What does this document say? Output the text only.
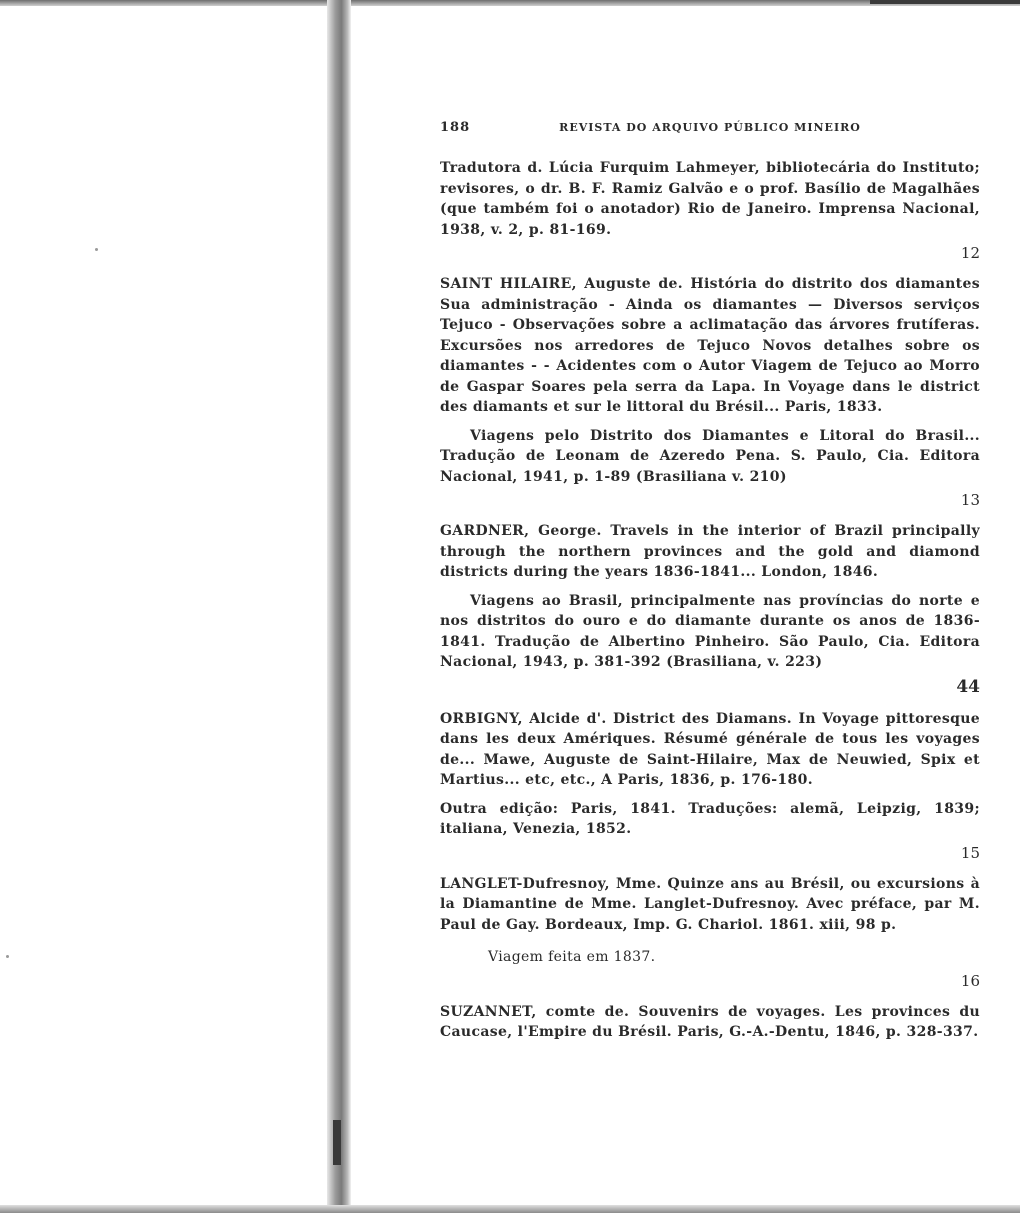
188	REVISTA DO ARQUIVO PÚBLICO MINEIRO

Tradutora d. Lúcia Furquim Lahmeyer, bibliotecária do Instituto; revisores, o dr. B. F. Ramiz Galvão e o prof. Basílio de Magalhães (que também foi o anotador) Rio de Janeiro. Imprensa Nacional, 1938, v. 2, p. 81-169.

12

SAINT HILAIRE, Auguste de. História do distrito dos diamantes Sua administração - Ainda os diamantes — Diversos serviços Tejuco - Observações sobre a aclimatação das árvores frutíferas. Excursões nos arredores de Tejuco Novos detalhes sobre os diamantes - - Acidentes com o Autor Viagem de Tejuco ao Morro de Gaspar Soares pela serra da Lapa. In Voyage dans le district des diamants et sur le littoral du Brésil... Paris, 1833.

Viagens pelo Distrito dos Diamantes e Litoral do Brasil... Tradução de Leonam de Azeredo Pena. S. Paulo, Cia. Editora Nacional, 1941, p. 1-89 (Brasiliana v. 210)

13

GARDNER, George. Travels in the interior of Brazil principally through the northern provinces and the gold and diamond districts during the years 1836-1841... London, 1846.

Viagens ao Brasil, principalmente nas províncias do norte e nos distritos do ouro e do diamante durante os anos de 1836-1841. Tradução de Albertino Pinheiro. São Paulo, Cia. Editora Nacional, 1943, p. 381-392 (Brasiliana, v. 223)

44

ORBIGNY, Alcide d'. District des Diamans. In Voyage pittoresque dans les deux Amériques. Résumé générale de tous les voyages de... Mawe, Auguste de Saint-Hilaire, Max de Neuwied, Spix et Martius... etc, etc., A Paris, 1836, p. 176-180.

Outra edição: Paris, 1841. Traduções: alemã, Leipzig, 1839; italiana, Venezia, 1852.

15

LANGLET-Dufresnoy, Mme. Quinze ans au Brésil, ou excursions à la Diamantine de Mme. Langlet-Dufresnoy. Avec préface, par M. Paul de Gay. Bordeaux, Imp. G. Chariol. 1861. xiii, 98 p.

Viagem feita em 1837.

16

SUZANNET, comte de. Souvenirs de voyages. Les provinces du Caucase, l'Empire du Brésil. Paris, G.-A.-Dentu, 1846, p. 328-337.
